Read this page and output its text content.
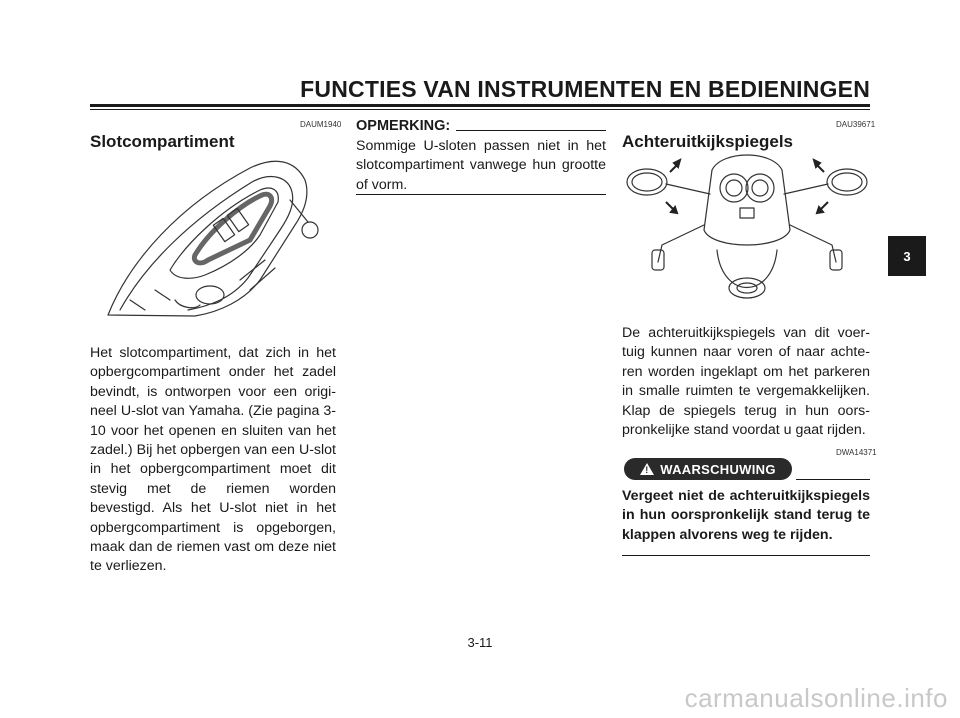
FUNCTIES VAN INSTRUMENTEN EN BEDIENINGEN
DAUM1940
Slotcompartiment
Het slotcompartiment, dat zich in het opbergcompartiment onder het zadel bevindt, is ontworpen voor een origineel U-slot van Yamaha. (Zie pagina 3-10 voor het openen en sluiten van het zadel.) Bij het opbergen van een U-slot in het opbergcompartiment moet dit stevig met de riemen worden bevestigd. Als het U-slot niet in het opbergcompartiment is opgeborgen, maak dan de riemen vast om deze niet te verliezen.
OPMERKING:
Sommige U-sloten passen niet in het slotcompartiment vanwege hun grootte of vorm.
DAU39671
Achteruitkijkspiegels
De achteruitkijkspiegels van dit voertuig kunnen naar voren of naar achteren worden ingeklapt om het parkeren in smalle ruimten te vergemakkelijken. Klap de spiegels terug in hun oorspronkelijke stand voordat u gaat rijden.
DWA14371
! WAARSCHUWING
Vergeet niet de achteruitkijkspiegels in hun oorspronkelijk stand terug te klappen alvorens weg te rijden.
3
3-11
carmanualsonline.info
